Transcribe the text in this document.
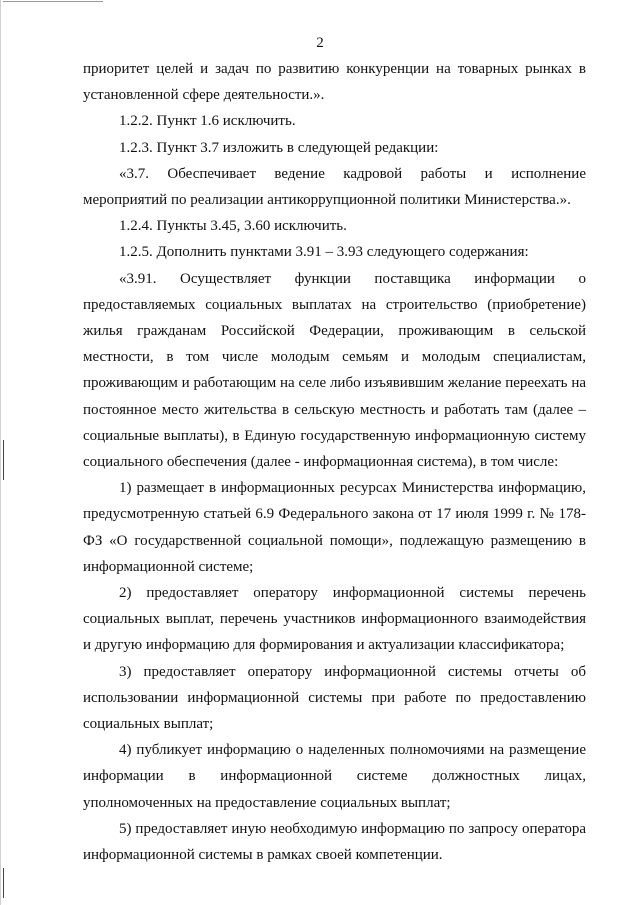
2

приоритет целей и задач по развитию конкуренции на товарных рынках в установленной сфере деятельности.».

1.2.2. Пункт 1.6 исключить.

1.2.3. Пункт 3.7 изложить в следующей редакции:

«3.7. Обеспечивает ведение кадровой работы и исполнение мероприятий по реализации антикоррупционной политики Министерства.».

1.2.4. Пункты 3.45, 3.60 исключить.

1.2.5. Дополнить пунктами 3.91 – 3.93 следующего содержания:

«3.91. Осуществляет функции поставщика информации о предоставляемых социальных выплатах на строительство (приобретение) жилья гражданам Российской Федерации, проживающим в сельской местности, в том числе молодым семьям и молодым специалистам, проживающим и работающим на селе либо изъявившим желание переехать на постоянное место жительства в сельскую местность и работать там (далее – социальные выплаты), в Единую государственную информационную систему социального обеспечения (далее - информационная система), в том числе:

1) размещает в информационных ресурсах Министерства информацию, предусмотренную статьей 6.9 Федерального закона от 17 июля 1999 г. № 178-ФЗ «О государственной социальной помощи», подлежащую размещению в информационной системе;

2) предоставляет оператору информационной системы перечень социальных выплат, перечень участников информационного взаимодействия и другую информацию для формирования и актуализации классификатора;

3) предоставляет оператору информационной системы отчеты об использовании информационной системы при работе по предоставлению социальных выплат;

4) публикует информацию о наделенных полномочиями на размещение информации в информационной системе должностных лицах, уполномоченных на предоставление социальных выплат;

5) предоставляет иную необходимую информацию по запросу оператора информационной системы в рамках своей компетенции.
